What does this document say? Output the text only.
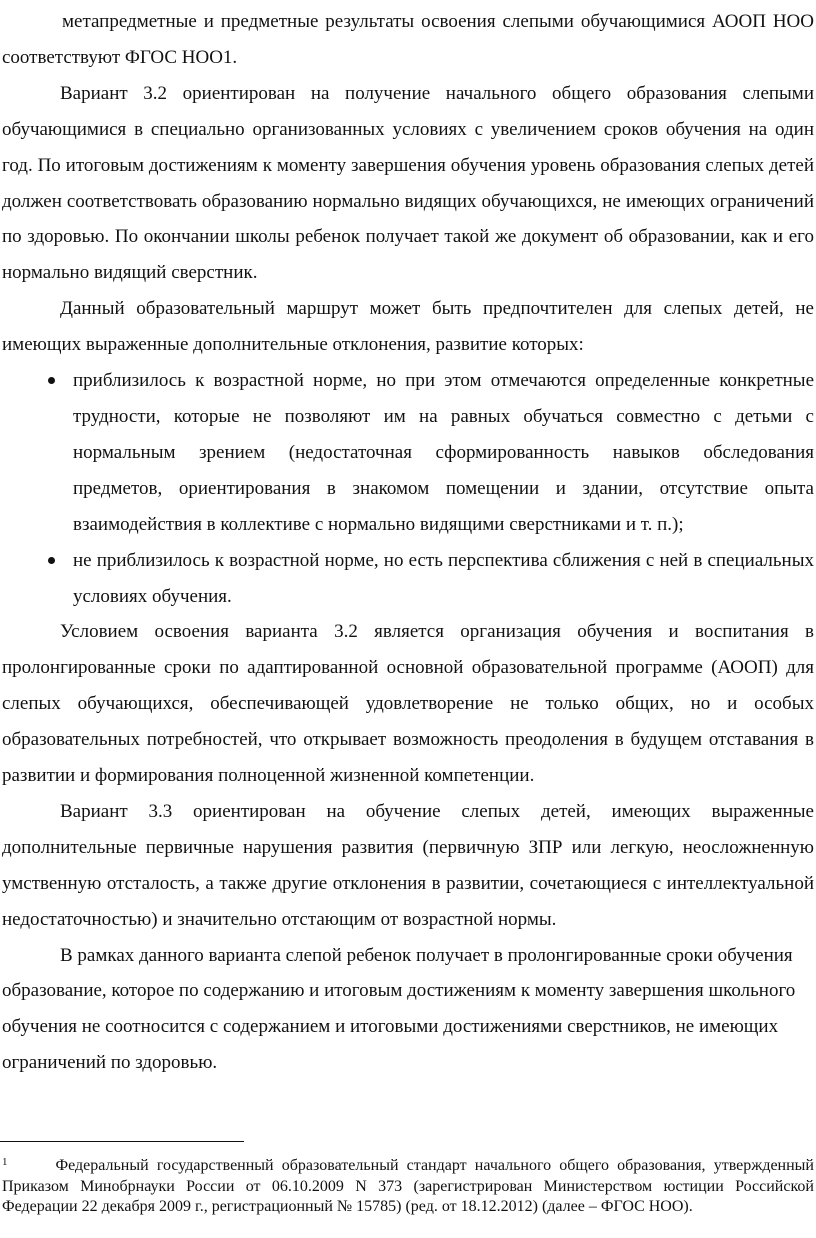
метапредметные и предметные результаты освоения слепыми обучающимися АООП НОО соответствуют ФГОС НОО1.

Вариант 3.2 ориентирован на получение начального общего образования слепыми обучающимися в специально организованных условиях с увеличением сроков обучения на один год. По итоговым достижениям к моменту завершения обучения уровень образования слепых детей должен соответствовать образованию нормально видящих обучающихся, не имеющих ограничений по здоровью. По окончании школы ребенок получает такой же документ об образовании, как и его нормально видящий сверстник.

Данный образовательный маршрут может быть предпочтителен для слепых детей, не имеющих выраженные дополнительные отклонения, развитие которых:

приблизилось к возрастной норме, но при этом отмечаются определенные конкретные трудности, которые не позволяют им на равных обучаться совместно с детьми с нормальным зрением (недостаточная сформированность навыков обследования предметов, ориентирования в знакомом помещении и здании, отсутствие опыта взаимодействия в коллективе с нормально видящими сверстниками и т. п.);
не приблизилось к возрастной норме, но есть перспектива сближения с ней в специальных условиях обучения.

Условием освоения варианта 3.2 является организация обучения и воспитания в пролонгированные сроки по адаптированной основной образовательной программе (АООП) для слепых обучающихся, обеспечивающей удовлетворение не только общих, но и особых образовательных потребностей, что открывает возможность преодоления в будущем отставания в развитии и формирования полноценной жизненной компетенции.

Вариант 3.3 ориентирован на обучение слепых детей, имеющих выраженные дополнительные первичные нарушения развития (первичную ЗПР или легкую, неосложненную умственную отсталость, а также другие отклонения в развитии, сочетающиеся с интеллектуальной недостаточностью) и значительно отстающим от возрастной нормы.

В рамках данного варианта слепой ребенок получает в пролонгированные сроки обучения образование, которое по содержанию и итоговым достижениям к моменту завершения школьного обучения не соотносится с содержанием и итоговыми достижениями сверстников, не имеющих ограничений по здоровью.

$^1$	Федеральный государственный образовательный стандарт начального общего образования, утвержденный Приказом Минобрнауки России от 06.10.2009 N 373 (зарегистрирован Министерством юстиции Российской Федерации 22 декабря 2009 г., регистрационный № 15785) (ред. от 18.12.2012) (далее – ФГОС НОО).
